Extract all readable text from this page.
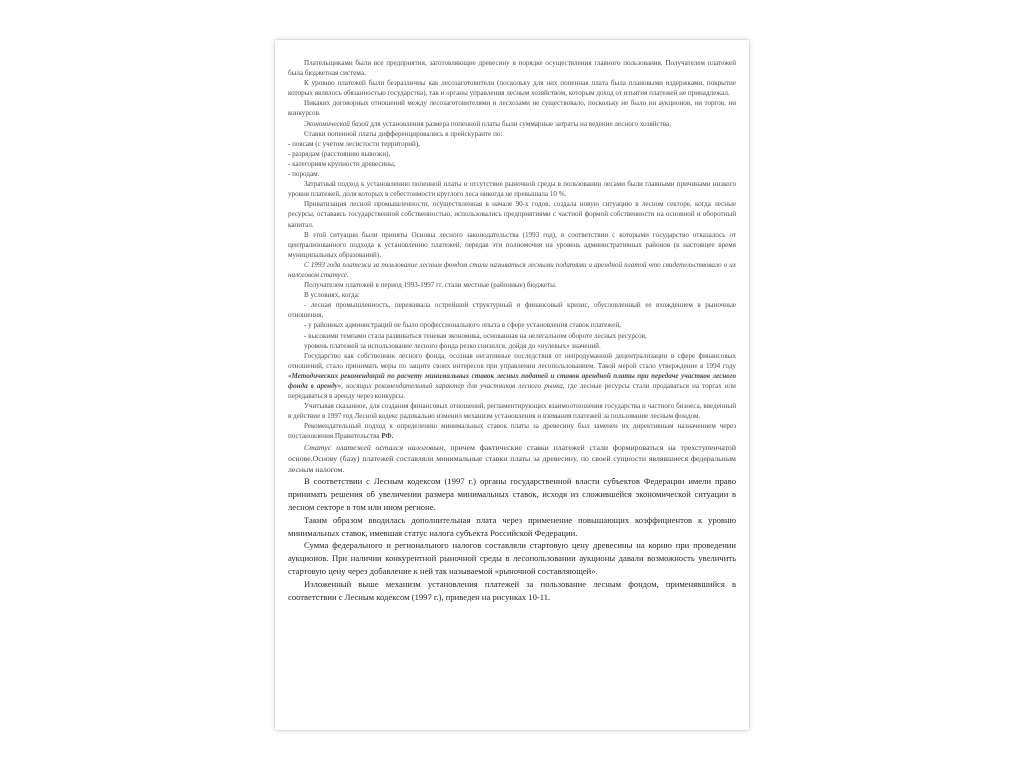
Плательщиками были все предприятия, заготовляющие древесину в порядке осуществления главного пользования. Получателем платежей была бюджетная система.

К уровню платежей были безразличны как лесозаготовители (поскольку для них попенная плата была плановыми издержками, покрытие которых являлось обязанностью государства), так и органы управления лесным хозяйством, которым доход от изъятия платежей не принадлежал.

Никаких договорных отношений между лесозаготовителями и лесхозами не существовало, поскольку не было ни аукционов, ни торгов, ни конкурсов.

Экономической базой для установления размера попенной платы были суммарные затраты на ведение лесного хозяйства.

Ставки попенной платы дифференцировались в прейскуранте по:

- поясам (с учетом лесистости территорий),

- разрядам (расстоянию вывозки),

- категориям крупности древесины,

- породам.

Затратный подход к установлению попенной платы и отсутствие рыночной среды в пользовании лесами были главными причинами низкого уровня платежей, доля которых в себестоимости круглого леса никогда не превышала 10 %.

Приватизация лесной промышленности, осуществленная в начале 90-х годов, создала новую ситуацию в лесном секторе, когда лесные ресурсы, оставаясь государственной собственностью, использовались предприятиями с частной формой собственности на основной и оборотный капитал.

В этой ситуации были приняты Основы лесного законодательства (1993 год), в соответствии с которыми государство отказалось от централизованного подхода к установлению платежей, передав эти полномочия на уровень административных районов (в настоящее время муниципальных образований).

С 1993 года платежи за пользование лесным фондом стали называться лесными податями и арендной платой что свидетельствовало о их налоговом статусе.

Получателем платежей в период 1993-1997 гг. стали местные (районные) бюджеты.

В условиях, когда:

- лесная промышленность, переживала острейший структурный и финансовый кризис, обусловленный ее вхождением в рыночные отношения,

- у районных администраций не было профессионального опыта в сфере установления ставок платежей,

- высокими темпами стала развиваться теневая экономика, основанная на нелегальном обороте лесных ресурсов,

уровень платежей за использование лесного фонда резко снизился, дойдя до «нулевых» значений.

Государство как собственник лесного фонда, осознав негативные последствия от непродуманной децентрализации в сфере финансовых отношений, стало принимать меры по защите своих интересов при управлении лесопользованием. Такой мерой стало утверждение в 1994 году «Методических рекомендаций по расчету минимальных ставок лесных податей и ставок арендной платы при передаче участков лесного фонда в аренду», носящих рекомендательный характер для участников лесного рынка, где лесные ресурсы стали продаваться на торгах или передаваться в аренду через конкурсы.

Учитывая сказанное, для создания финансовых отношений, регламентирующих взаимоотношения государства и частного бизнеса, введенный в действие в 1997 год Лесной кодекс радикально изменил механизм установления и взимания платежей за пользование лесным фондом.

Рекомендательный подход к определению минимальных ставок платы за древесину был заменен их директивным назначением через постановления Правительства РФ.

Статус платежей остался налоговым, причем фактические ставки платежей стали формироваться на трехступенчатой основе.Основу (базу) платежей составляли минимальные ставки платы за древесину, по своей сущности являвшиеся федеральным лесным налогом.

В соответствии с Лесным кодексом (1997 г.) органы государственной власти субъектов Федерации имели право принимать решения об увеличении размера минимальных ставок, исходя из сложившейся экономической ситуации в лесном секторе в том или ином регионе.

Таким образом вводилась дополнительная плата через применение повышающих коэффициентов к уровню минимальных ставок, имевшая статус налога субъекта Российской Федерации.

Сумма федерального и регионального налогов составляли стартовую цену древесины на корню при проведении аукционов. При наличии конкурентной рыночной среды в лесопользовании аукционы давали возможность увеличить стартовую цену через добавление к ней так называемой «рыночной составляющей».

Изложенный выше механизм установления платежей за пользование лесным фондом, применявшийся в соответствии с Лесным кодексом (1997 г.), приведен на рисунках 10-11.
